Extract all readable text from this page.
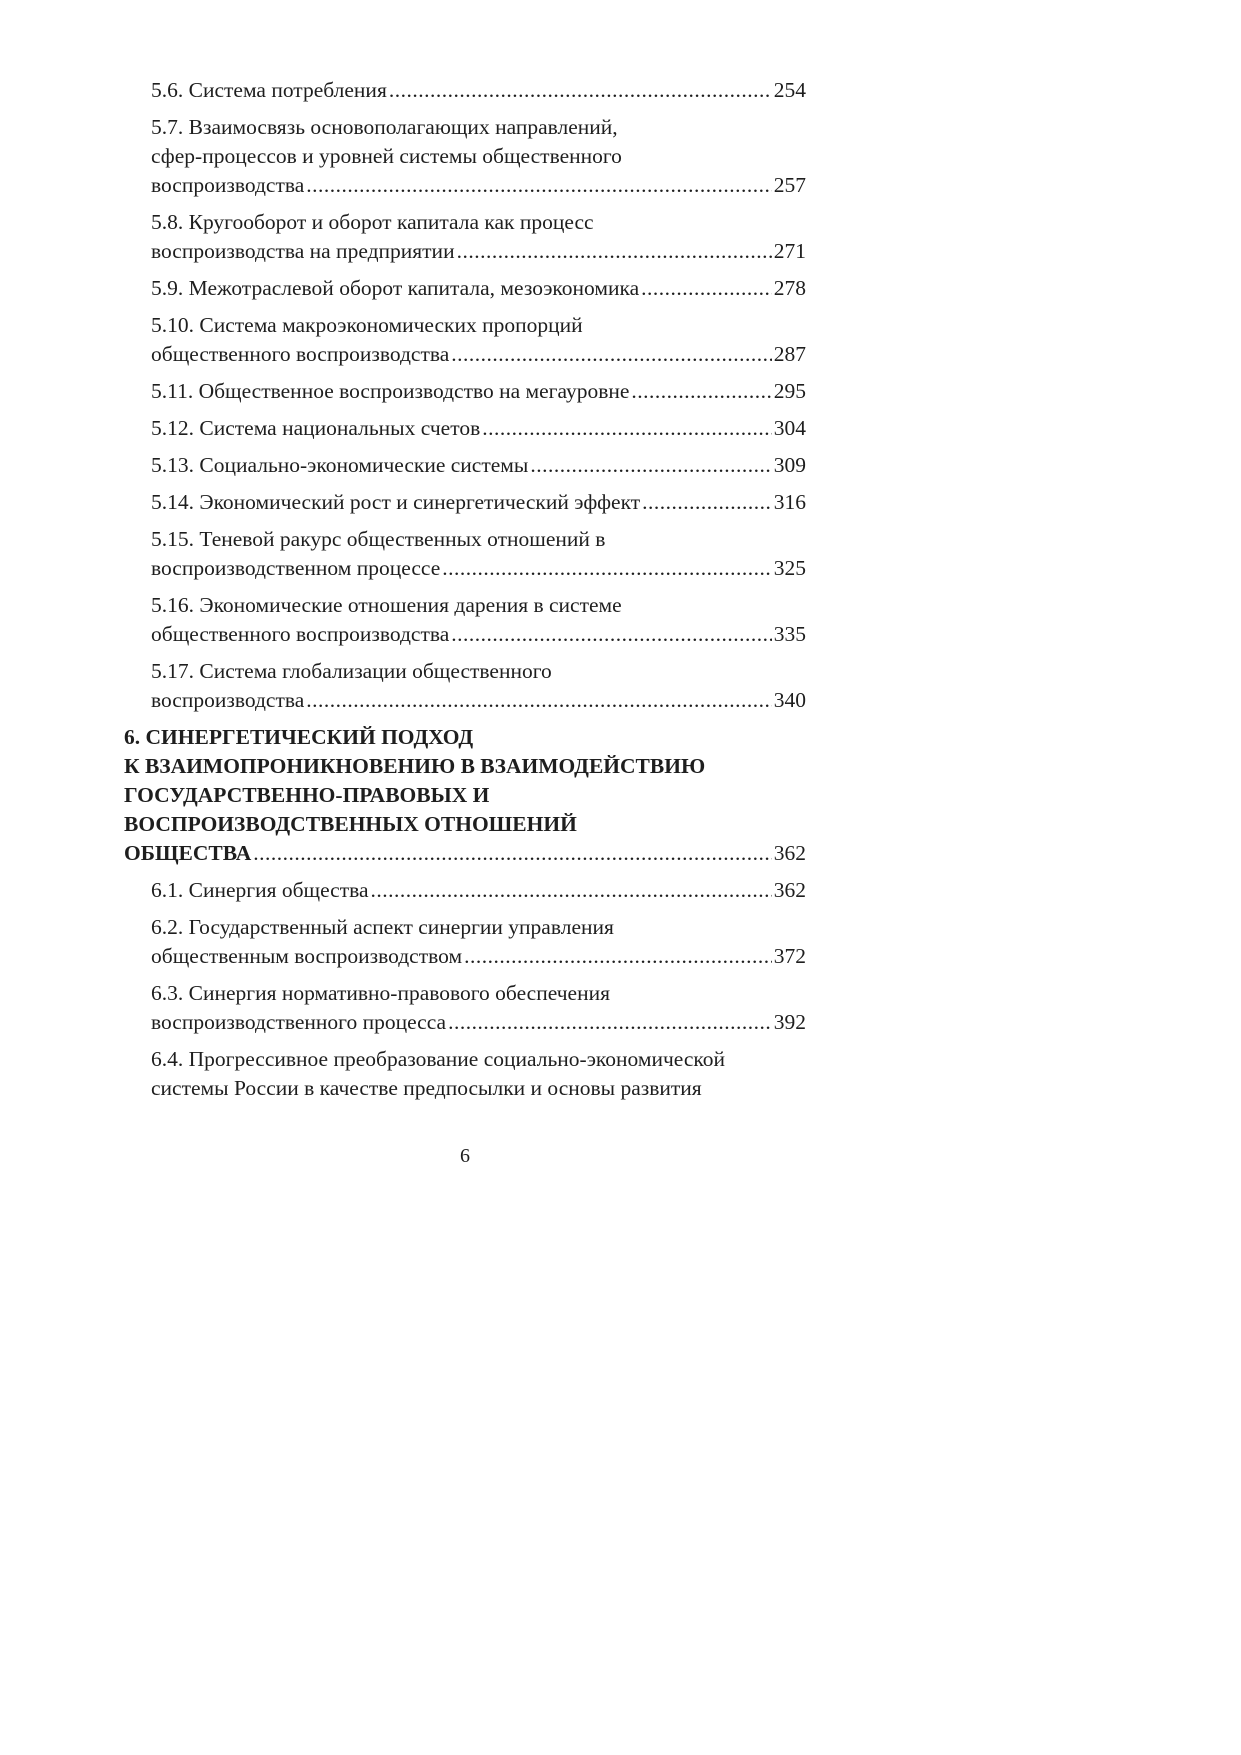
5.6. Система потребления .....	254
5.7. Взаимосвязь основополагающих направлений,
сфер-процессов и уровней системы общественного
воспроизводства .....	257
5.8. Кругооборот и оборот капитала как процесс
воспроизводства на предприятии .....	271
5.9. Межотраслевой оборот капитала, мезоэкономика .....	278
5.10. Система макроэкономических пропорций
общественного воспроизводства .....	287
5.11. Общественное воспроизводство на мегауровне .....	295
5.12. Система национальных счетов .....	304
5.13. Социально-экономические системы .....	309
5.14. Экономический рост и синергетический эффект .....	316
5.15. Теневой ракурс общественных отношений в
воспроизводственном процессе .....	325
5.16. Экономические отношения дарения в системе
общественного воспроизводства .....	335
5.17. Система глобализации общественного
воспроизводства .....	340
6. СИНЕРГЕТИЧЕСКИЙ ПОДХОД
К ВЗАИМОПРОНИКНОВЕНИЮ В ВЗАИМОДЕЙСТВИЮ
ГОСУДАРСТВЕННО-ПРАВОВЫХ И
ВОСПРОИЗВОДСТВЕННЫХ ОТНОШЕНИЙ
ОБЩЕСТВА .....	362
6.1. Синергия общества .....	362
6.2. Государственный аспект синергии управления
общественным воспроизводством .....	372
6.3. Синергия нормативно-правового обеспечения
воспроизводственного процесса .....	392
6.4. Прогрессивное преобразование социально-экономической
системы России в качестве предпосылки и основы развития
6
